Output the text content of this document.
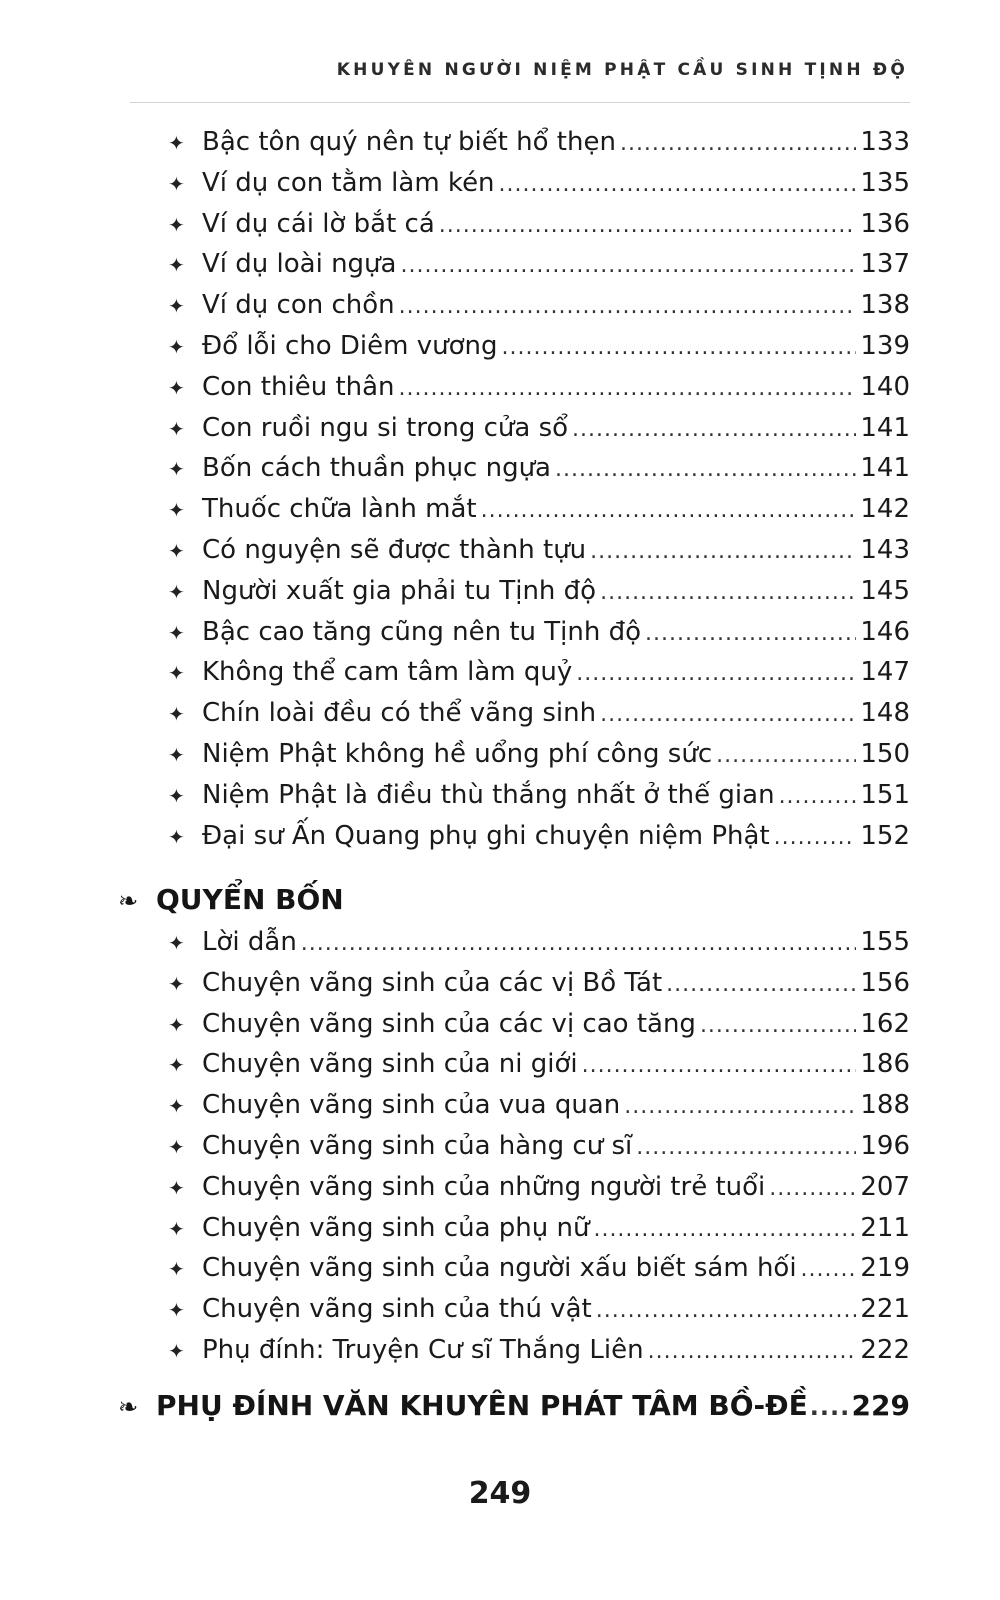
KHUYÊN NGƯỜI NIỆM PHẬT CẦU SINH TỊNH ĐỘ
❧ QUYỂN BỐN
❧ PHỤ ĐÍNH VĂN KHUYÊN PHÁT TÂM BỒ-ĐỀ ..... 229
✦ Bậc tôn quý nên tự biết hổ thẹn .....	133
✦ Ví dụ con tằm làm kén .....	135
✦ Ví dụ cái lờ bắt cá .....	136
✦ Ví dụ loài ngựa .....	137
✦ Ví dụ con chồn .....	138
✦ Đổ lỗi cho Diêm vương .....	139
✦ Con thiêu thân .....	140
✦ Con ruồi ngu si trong cửa sổ .....	141
✦ Bốn cách thuần phục ngựa .....	141
✦ Thuốc chữa lành mắt .....	142
✦ Có nguyện sẽ được thành tựu .....	143
✦ Người xuất gia phải tu Tịnh độ .....	145
✦ Bậc cao tăng cũng nên tu Tịnh độ .....	146
✦ Không thể cam tâm làm quỷ .....	147
✦ Chín loài đều có thể vãng sinh .....	148
✦ Niệm Phật không hề uổng phí công sức .....	150
✦ Niệm Phật là điều thù thắng nhất ở thế gian .....	151
✦ Đại sư Ấn Quang phụ ghi chuyện niệm Phật .....	152
✦ Lời dẫn .....	155
✦ Chuyện vãng sinh của các vị Bồ Tát .....	156
✦ Chuyện vãng sinh của các vị cao tăng .....	162
✦ Chuyện vãng sinh của ni giới .....	186
✦ Chuyện vãng sinh của vua quan .....	188
✦ Chuyện vãng sinh của hàng cư sĩ .....	196
✦ Chuyện vãng sinh của những người trẻ tuổi .....	207
✦ Chuyện vãng sinh của phụ nữ .....	211
✦ Chuyện vãng sinh của người xấu biết sám hối ..... 219
✦ Chuyện vãng sinh của thú vật .....	221
✦ Phụ đính: Truyện Cư sĩ Thắng Liên .....	222
249
